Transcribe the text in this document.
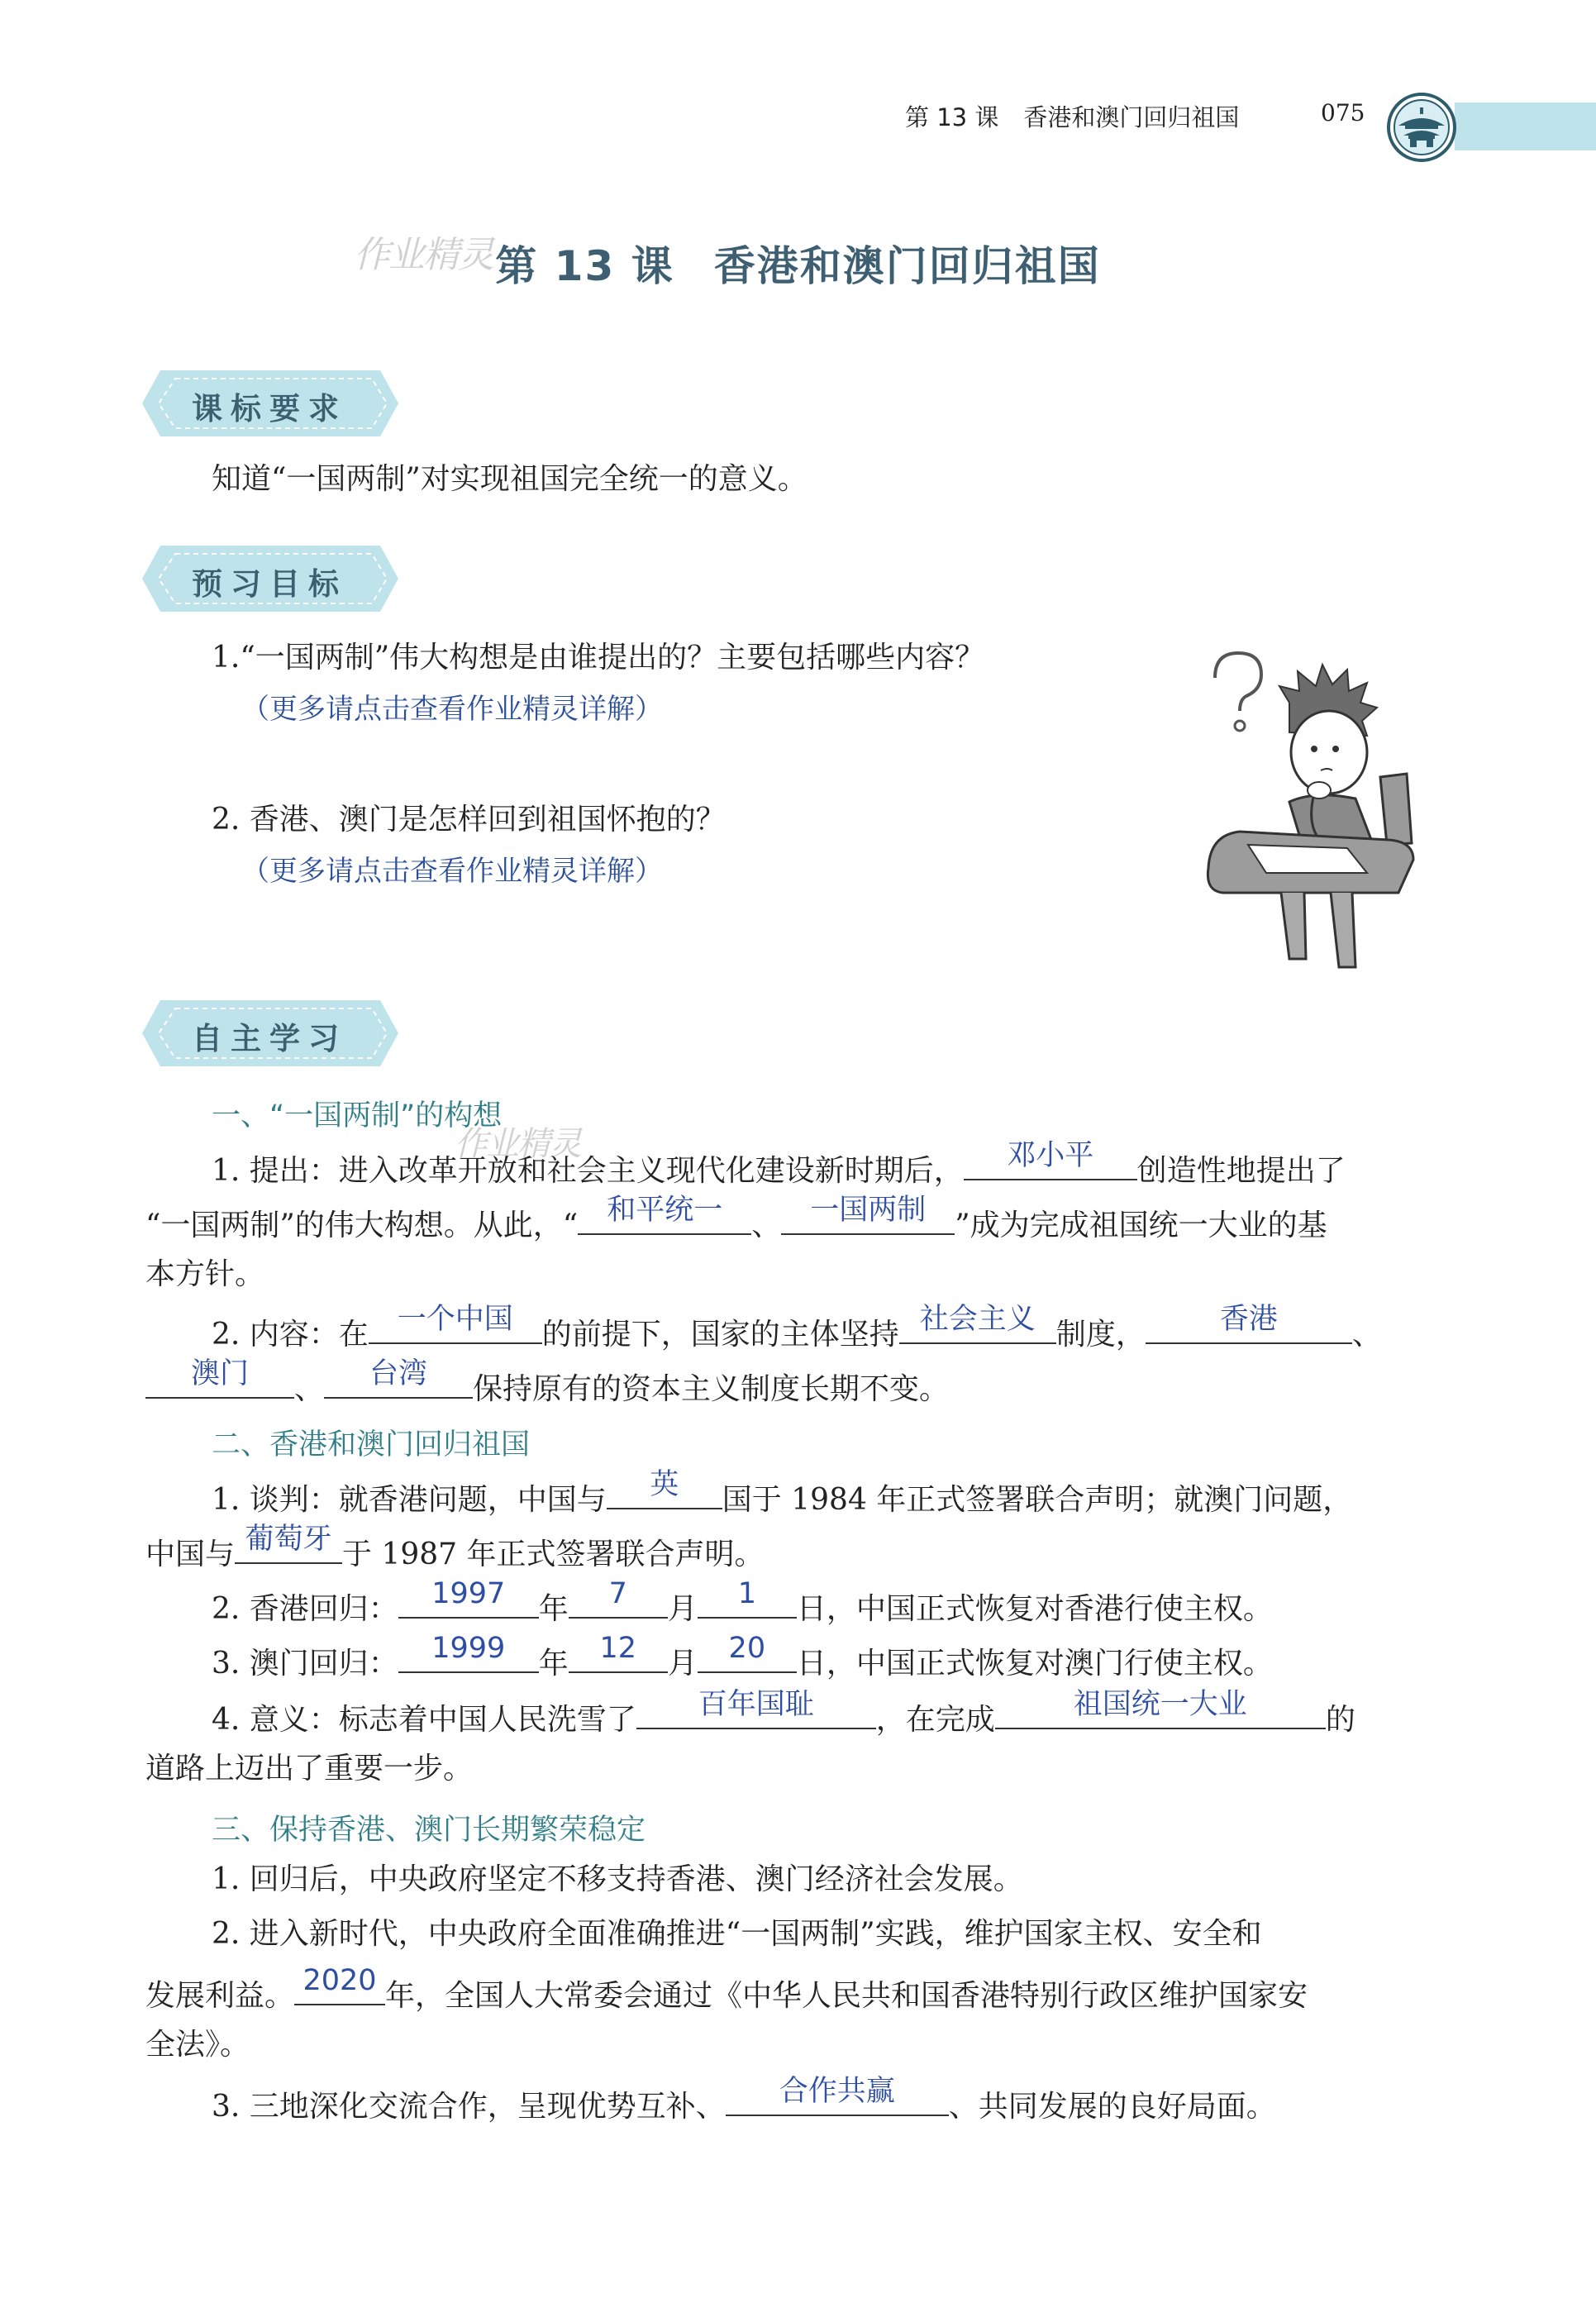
第 13 课 香港和澳门回归祖国	075
作业精灵 第 13 课 香港和澳门回归祖国
课标要求
知道“一国两制”对实现祖国完全统一的意义。
预习目标
1.“一国两制”伟大构想是由谁提出的？主要包括哪些内容？
（更多请点击查看作业精灵详解）
2. 香港、澳门是怎样回到祖国怀抱的？
（更多请点击查看作业精灵详解）
自主学习
一、“一国两制”的构想
作业精灵
1. 提出：进入改革开放和社会主义现代化建设新时期后，	邓小平	创造性地提出了
“一国两制”的伟大构想。从此，“ 和平统一 、 一国两制 ”成为完成祖国统一大业的基
本方针。
2. 内容：在 一个中国 的前提下，国家的主体坚持 社会主义 制度，	香港	、
澳门	、	台湾	保持原有的资本主义制度长期不变。
二、香港和澳门回归祖国
1. 谈判：就香港问题，中国与	英	国于 1984 年正式签署联合声明；就澳门问题，
中国与 葡萄牙 于 1987 年正式签署联合声明。
2. 香港回归：	1997	年	7	月	1	日，中国正式恢复对香港行使主权。
3. 澳门回归：	1999	年	12	月	20	日，中国正式恢复对澳门行使主权。
4. 意义：标志着中国人民洗雪了	百年国耻	，在完成	祖国统一大业	的
道路上迈出了重要一步。
三、保持香港、澳门长期繁荣稳定
1. 回归后，中央政府坚定不移支持香港、澳门经济社会发展。
2. 进入新时代，中央政府全面准确推进“一国两制”实践，维护国家主权、安全和
发展利益。 2020 年，全国人大常委会通过《中华人民共和国香港特别行政区维护国家安
全法》。
3. 三地深化交流合作，呈现优势互补、	合作共赢	、共同发展的良好局面。
